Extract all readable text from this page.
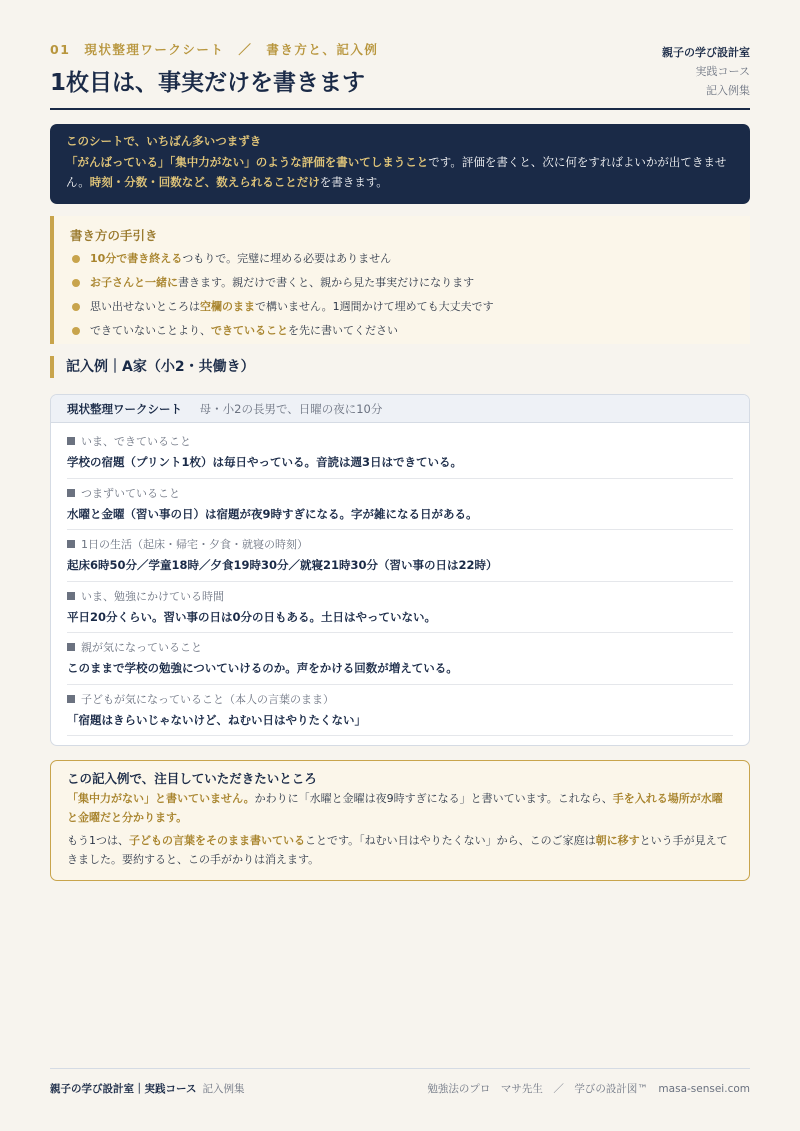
01　現状整理ワークシート　／　書き方と、記入例
1枚目は、事実だけを書きます
親子の学び設計室
実践コース
記入例集
このシートで、いちばん多いつまずき
「がんばっている」「集中力がない」のような評価を書いてしまうことです。評価を書くと、次に何をすればよいかが出てきません。時刻・分数・回数など、数えられることだけを書きます。
書き方の手引き
10分で書き終えるつもりで。完璧に埋める必要はありません
お子さんと一緒に書きます。親だけで書くと、親から見た事実だけになります
思い出せないところは空欄のままで構いません。1週間かけて埋めても大丈夫です
できていないことより、できていることを先に書いてください
記入例｜A家（小2・共働き）
現状整理ワークシート 母・小2の長男で、日曜の夜に10分
いま、できていること
学校の宿題（プリント1枚）は毎日やっている。音読は週3日はできている。
つまずいていること
水曜と金曜（習い事の日）は宿題が夜9時すぎになる。字が雑になる日がある。
1日の生活（起床・帰宅・夕食・就寝の時刻）
起床6時50分／学童18時／夕食19時30分／就寝21時30分（習い事の日は22時）
いま、勉強にかけている時間
平日20分くらい。習い事の日は0分の日もある。土日はやっていない。
親が気になっていること
このままで学校の勉強についていけるのか。声をかける回数が増えている。
子どもが気になっていること（本人の言葉のまま）
「宿題はきらいじゃないけど、ねむい日はやりたくない」
この記入例で、注目していただきたいところ

「集中力がない」と書いていません。かわりに「水曜と金曜は夜9時すぎになる」と書いています。これなら、手を入れる場所が水曜と金曜だと分かります。

もう1つは、子どもの言葉をそのまま書いていることです。「ねむい日はやりたくない」から、このご家庭は朝に移すという手が見えてきました。要約すると、この手がかりは消えます。

親子の学び設計室｜実践コース 記入例集	勉強法のプロ　マサ先生　／　学びの設計図™　masa-sensei.com
